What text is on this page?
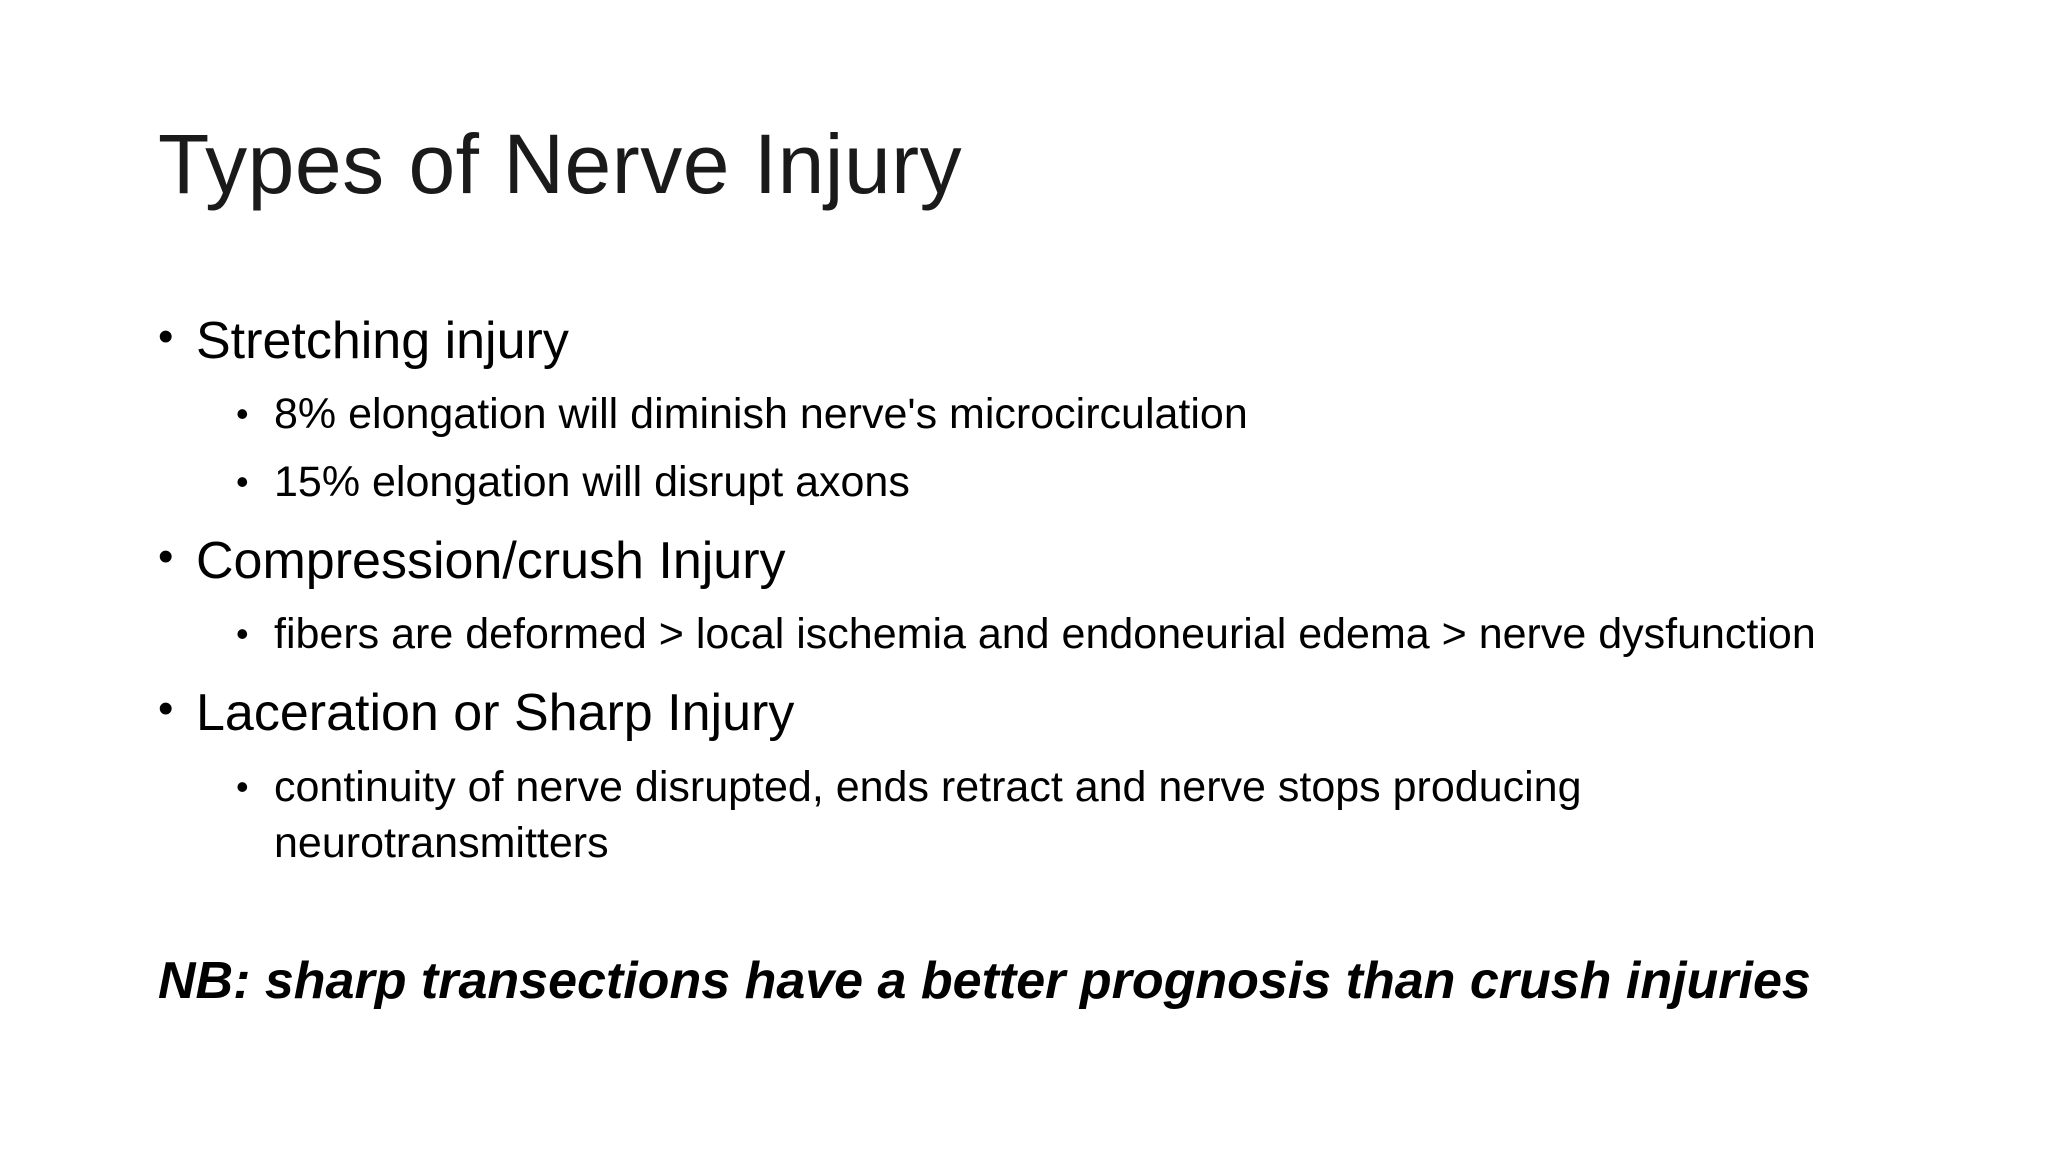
Types of Nerve Injury
• Stretching injury
• 8% elongation will diminish nerve's microcirculation
• 15% elongation will disrupt axons
• Compression/crush Injury
• fibers are deformed > local ischemia and endoneurial edema > nerve dysfunction
• Laceration or Sharp Injury
• continuity of nerve disrupted, ends retract and nerve stops producing neurotransmitters
NB: sharp transections have a better prognosis than crush injuries
